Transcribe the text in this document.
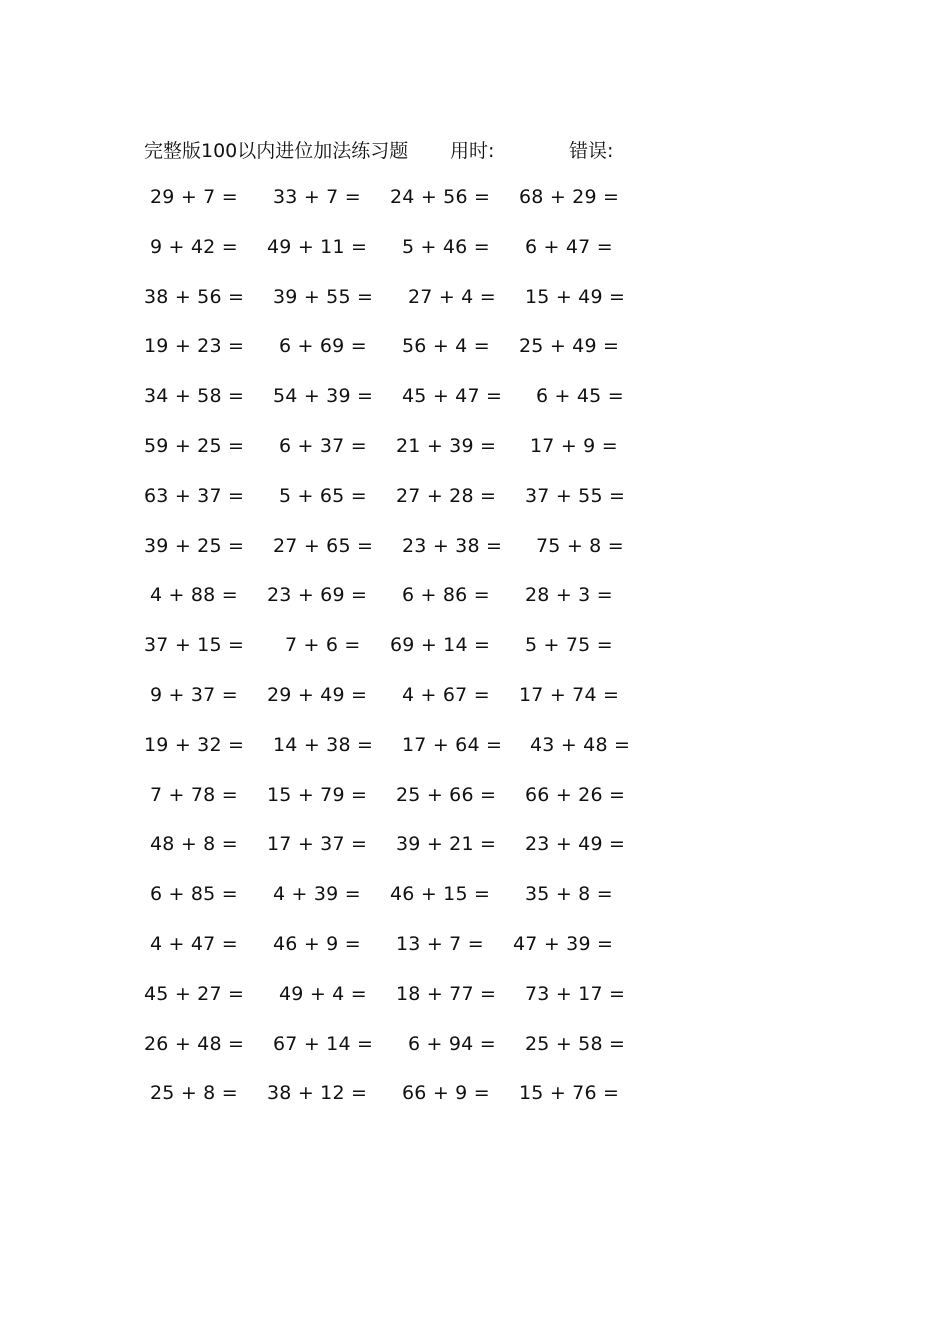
完整版100以内进位加法练习题 用时:	错误:
29 + 7 = 33 + 7 = 24 + 56 = 68 + 29 =
9 + 42 = 49 + 11 = 5 + 46 = 6 + 47 =
38 + 56 = 39 + 55 = 27 + 4 = 15 + 49 =
19 + 23 = 6 + 69 = 56 + 4 = 25 + 49 =
34 + 58 = 54 + 39 = 45 + 47 = 6 + 45 =
59 + 25 = 6 + 37 = 21 + 39 = 17 + 9 =
63 + 37 = 5 + 65 = 27 + 28 = 37 + 55 =
39 + 25 = 27 + 65 = 23 + 38 = 75 + 8 =
4 + 88 = 23 + 69 = 6 + 86 = 28 + 3 =
37 + 15 = 7 + 6 = 69 + 14 = 5 + 75 =
9 + 37 = 29 + 49 = 4 + 67 = 17 + 74 =
19 + 32 = 14 + 38 = 17 + 64 = 43 + 48 =
7 + 78 = 15 + 79 = 25 + 66 = 66 + 26 =
48 + 8 = 17 + 37 = 39 + 21 = 23 + 49 =
6 + 85 = 4 + 39 = 46 + 15 = 35 + 8 =
4 + 47 = 46 + 9 = 13 + 7 = 47 + 39 =
45 + 27 = 49 + 4 = 18 + 77 = 73 + 17 =
26 + 48 = 67 + 14 = 6 + 94 = 25 + 58 =
25 + 8 = 38 + 12 = 66 + 9 = 15 + 76 =
